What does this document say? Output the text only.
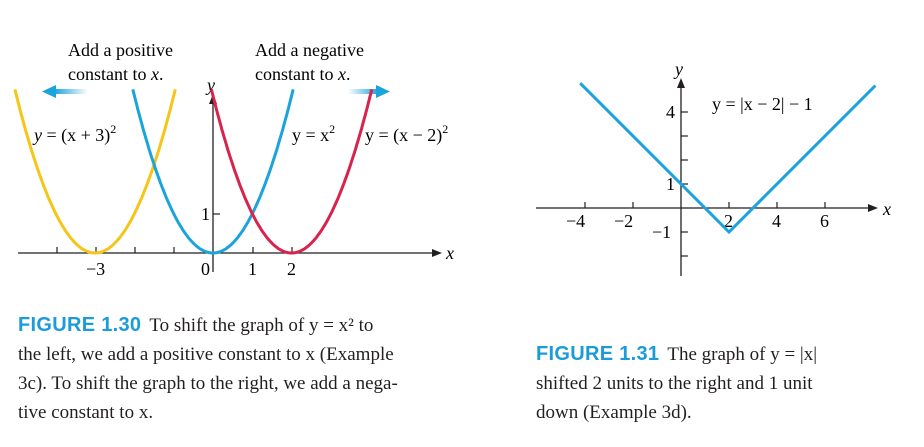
Add a positive
constant to x.
Add a negative
constant to x.
x
y
−3	0 1 2
1
$y = (x + 3)^2$	$y = x^2$ $y = (x - 2)^2$
x
y
−4 −2	2 4 6
4
1
−1
y = |x − 2| − 1
FIGURE 1.30 To shift the graph of y = x² to
the left, we add a positive constant to x (Example
3c). To shift the graph to the right, we add a nega-
tive constant to x.
FIGURE 1.31 The graph of y = |x|
shifted 2 units to the right and 1 unit
down (Example 3d).
